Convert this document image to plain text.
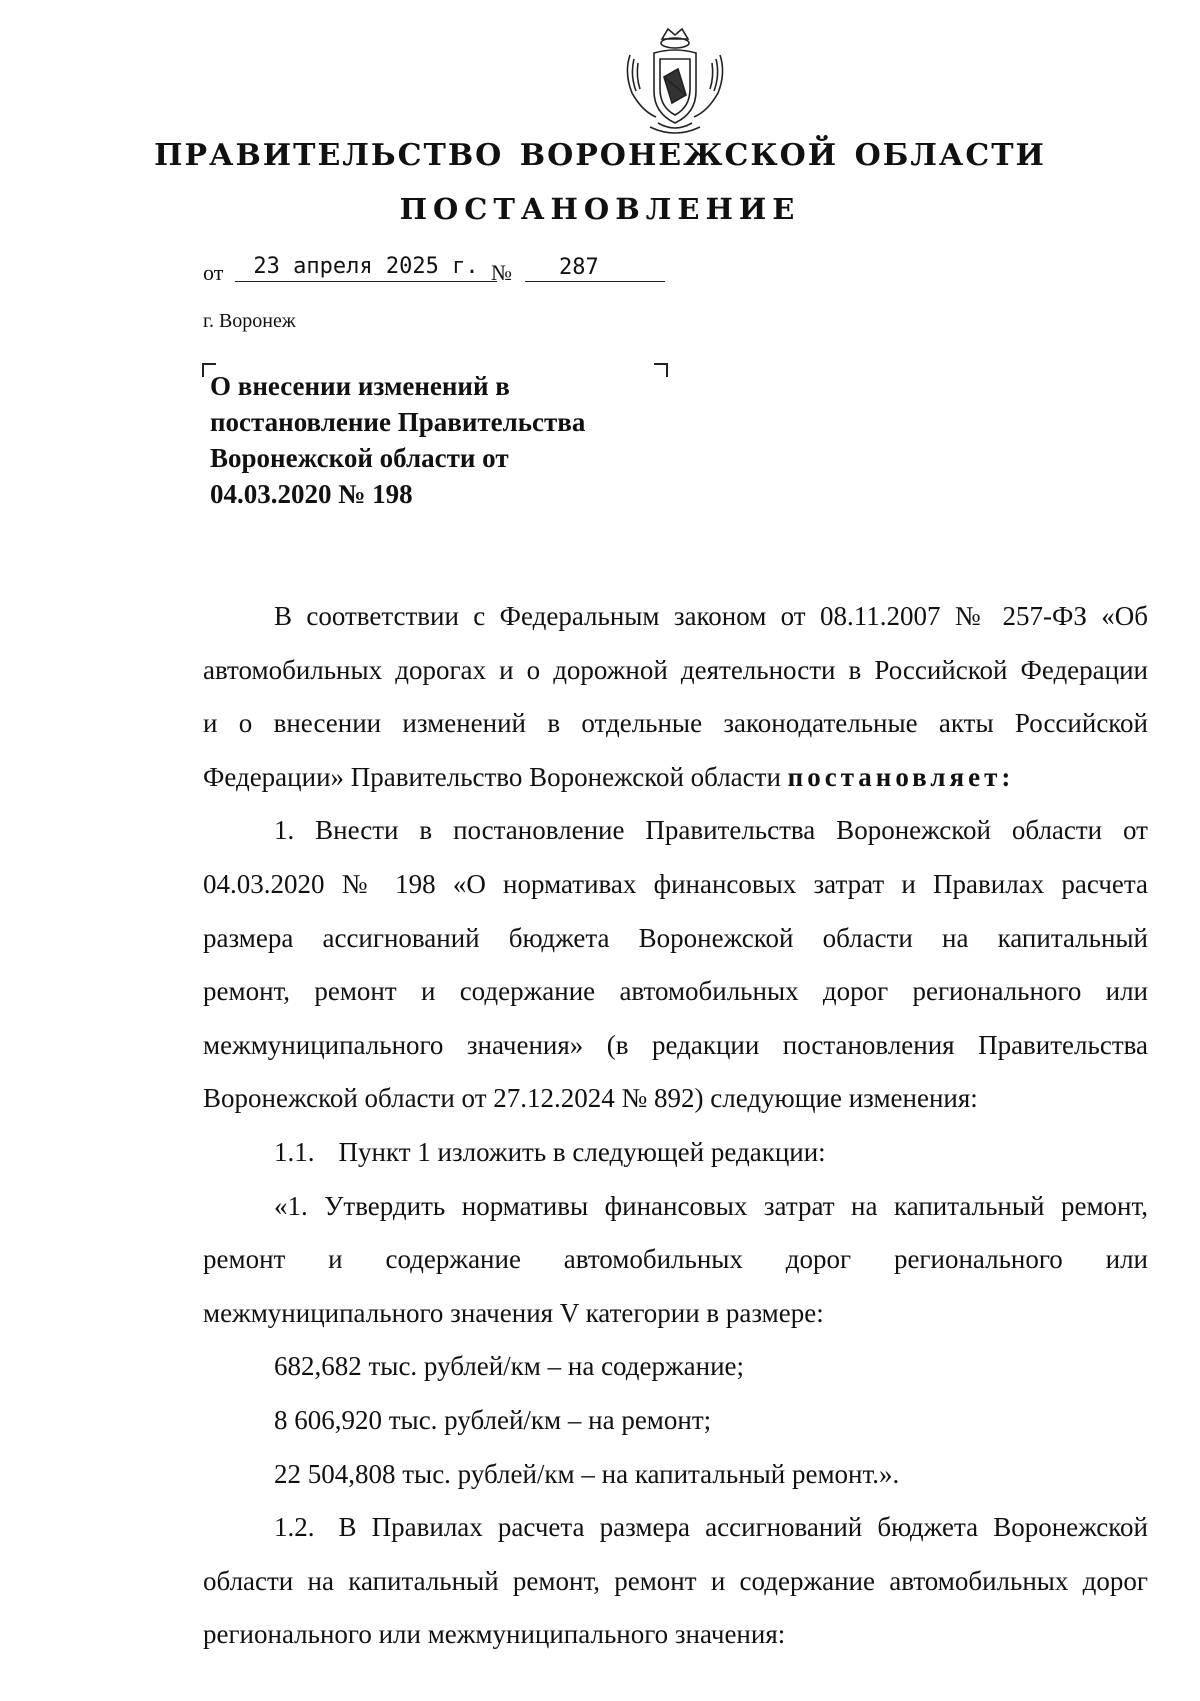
ПРАВИТЕЛЬСТВО ВОРОНЕЖСКОЙ ОБЛАСТИ
ПОСТАНОВЛЕНИЕ
от	23 апреля 2025 г. №	287
г. Воронеж
О внесении изменений в
постановление Правительства
Воронежской области от
04.03.2020 № 198
В соответствии с Федеральным законом от 08.11.2007 № 257-ФЗ «Об
автомобильных дорогах и о дорожной деятельности в Российской Федерации
и о внесении изменений в отдельные законодательные акты Российской
Федерации» Правительство Воронежской области постановляет:
1. Внести в постановление Правительства Воронежской области от
04.03.2020 № 198 «О нормативах финансовых затрат и Правилах расчета
размера ассигнований бюджета Воронежской области на капитальный
ремонт, ремонт и содержание автомобильных дорог регионального или
межмуниципального значения» (в редакции постановления Правительства
Воронежской области от 27.12.2024 № 892) следующие изменения:
1.1. Пункт 1 изложить в следующей редакции:
«1. Утвердить нормативы финансовых затрат на капитальный ремонт,
ремонт и содержание автомобильных дорог регионального или
межмуниципального значения V категории в размере:
682,682 тыс. рублей/км – на содержание;
8 606,920 тыс. рублей/км – на ремонт;
22 504,808 тыс. рублей/км – на капитальный ремонт.».
1.2. В Правилах расчета размера ассигнований бюджета Воронежской
области на капитальный ремонт, ремонт и содержание автомобильных дорог
регионального или межмуниципального значения:
